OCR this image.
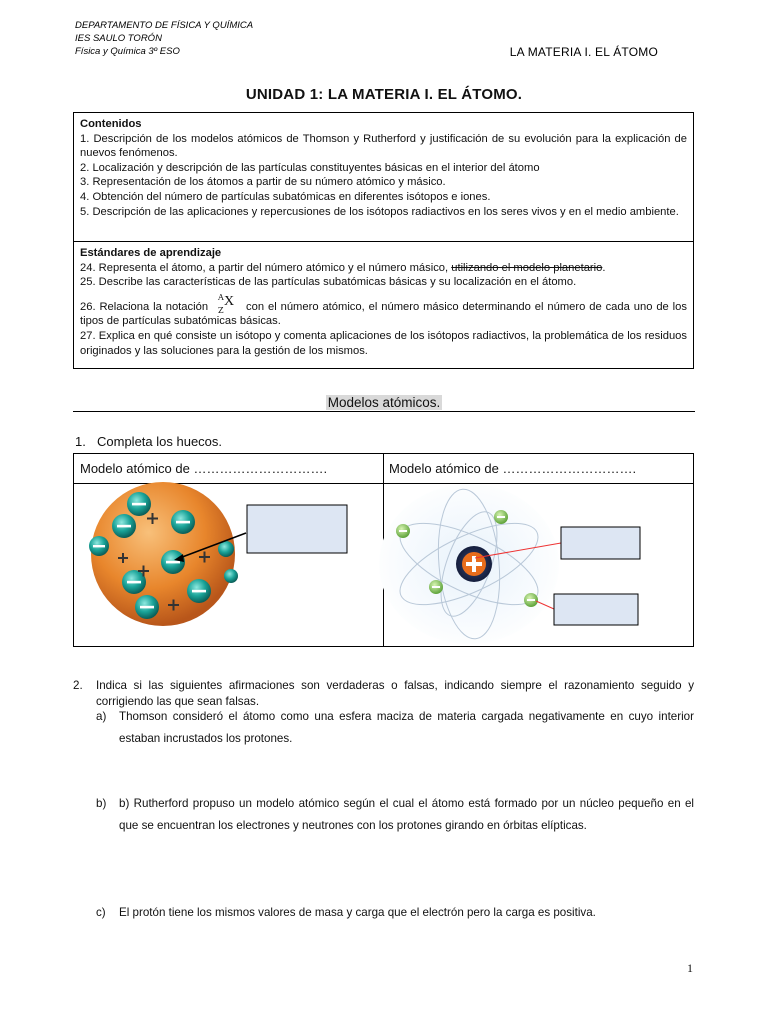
DEPARTAMENTO DE FÍSICA Y QUÍMICA
IES SAULO TORÓN
Física y Química 3º ESO	LA MATERIA I. EL ÁTOMO
UNIDAD 1: LA MATERIA I. EL ÁTOMO.
Contenidos
1. Descripción de los modelos atómicos de Thomson y Rutherford y justificación de su evolución para la explicación de nuevos fenómenos.
2. Localización y descripción de las partículas constituyentes básicas en el interior del átomo
3. Representación de los átomos a partir de su número atómico y másico.
4. Obtención del número de partículas subatómicas en diferentes isótopos e iones.
5. Descripción de las aplicaciones y repercusiones de los isótopos radiactivos en los seres vivos y en el medio ambiente.
Estándares de aprendizaje
24. Representa el átomo, a partir del número atómico y el número másico, utilizando el modelo planetario.
25. Describe las características de las partículas subatómicas básicas y su localización en el átomo.
26. Relaciona la notación
A
Z
X con el número atómico, el número másico determinando el número de cada uno de los tipos de partículas subatómicas básicas.
27. Explica en qué consiste un isótopo y comenta aplicaciones de los isótopos radiactivos, la problemática de los residuos originados y las soluciones para la gestión de los mismos.
Modelos atómicos.
1. Completa los huecos.
Modelo atómico de ………………………….	Modelo atómico de ………………………….
2. Indica si las siguientes afirmaciones son verdaderas o falsas, indicando siempre el razonamiento seguido y corrigiendo las que sean falsas.
a) Thomson consideró el átomo como una esfera maciza de materia cargada negativamente en cuyo interior estaban incrustados los protones.
b) b) Rutherford propuso un modelo atómico según el cual el átomo está formado por un núcleo pequeño en el que se encuentran los electrones y neutrones con los protones girando en órbitas elípticas.
c) El protón tiene los mismos valores de masa y carga que el electrón pero la carga es positiva.
1
